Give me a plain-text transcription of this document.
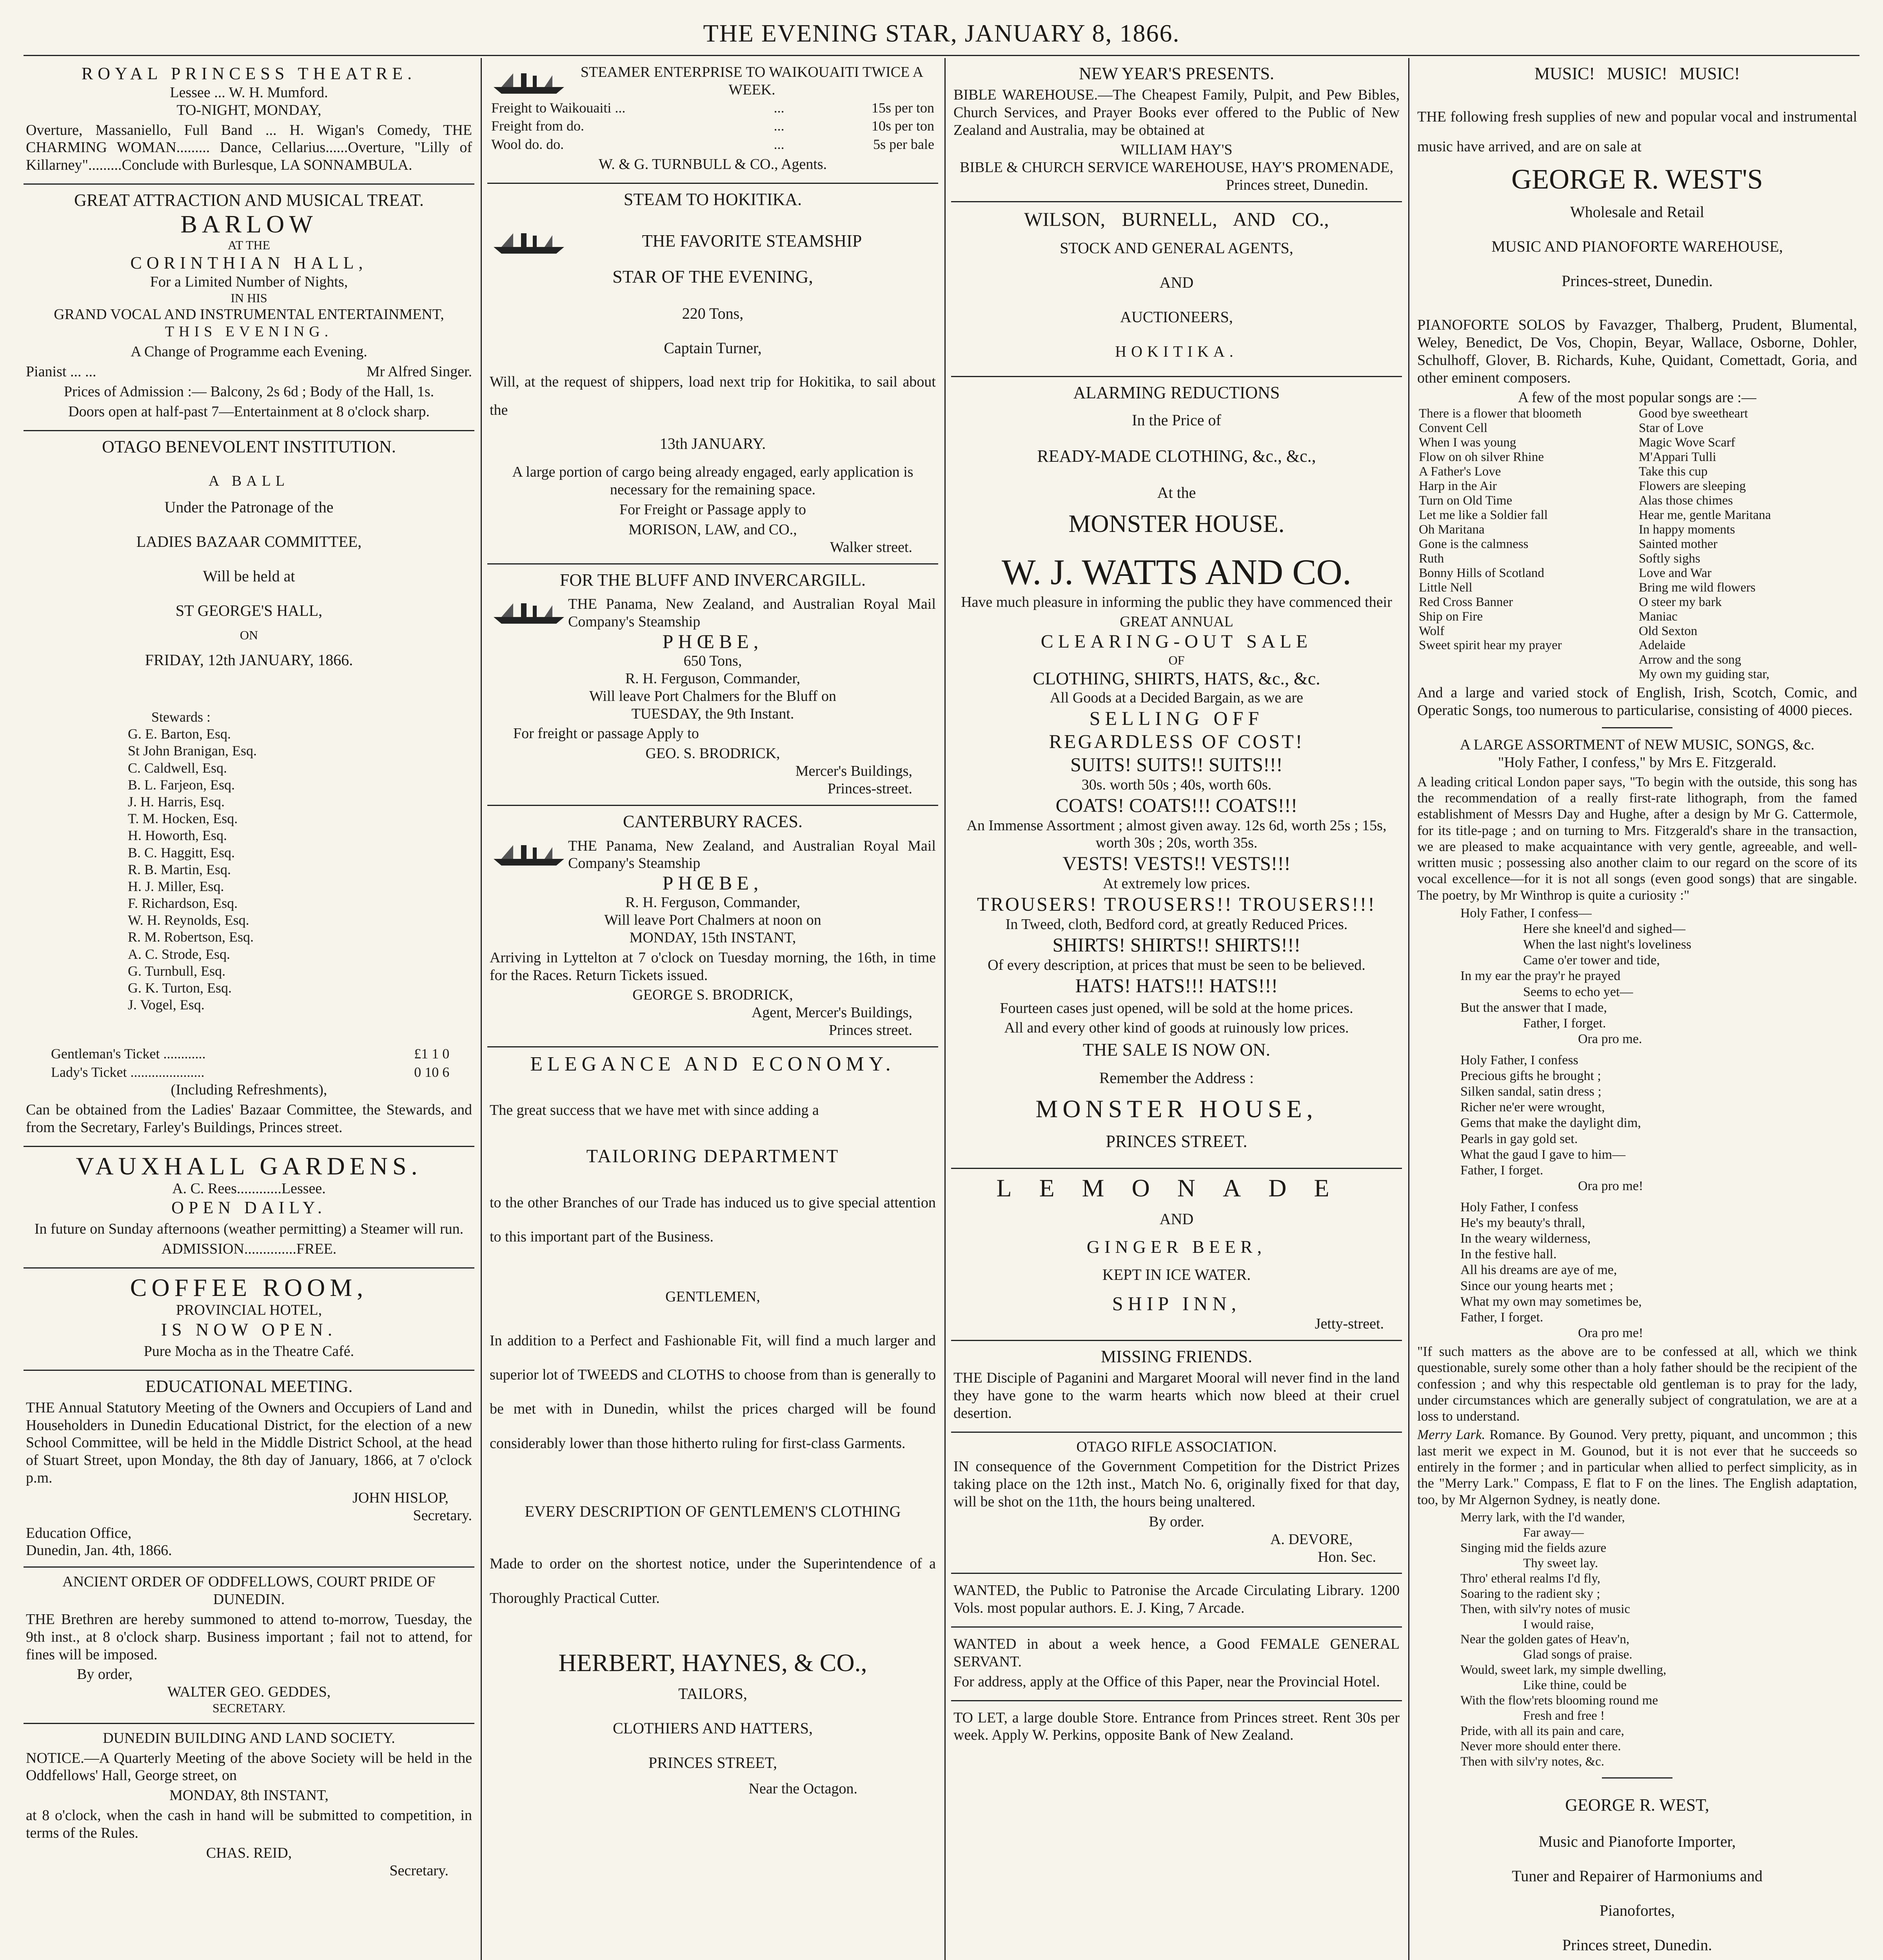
THE EVENING STAR, JANUARY 8, 1866.
ROYAL PRINCESS THEATRE.
Lessee ... W. H. Mumford.
TO-NIGHT, MONDAY,

Overture, Massaniello, Full Band ... H. Wigan's Comedy, THE CHARMING WOMAN......... Dance, Cellarius......Overture, "Lilly of Killarney".........Conclude with Burlesque, LA SONNAMBULA.

GREAT ATTRACTION AND MUSICAL TREAT.
BARLOW
AT THE
CORINTHIAN HALL,
For a Limited Number of Nights,
IN HIS
GRAND VOCAL AND INSTRUMENTAL ENTERTAINMENT,
THIS EVENING.

A Change of Programme each Evening.

Pianist ... ...	Mr Alfred Singer.

Prices of Admission :— Balcony, 2s 6d ; Body of the Hall, 1s.

Doors open at half-past 7—Entertainment at 8 o'clock sharp.

OTAGO BENEVOLENT INSTITUTION.
A BALL
Under the Patronage of the
LADIES BAZAAR COMMITTEE,
Will be held at
ST GEORGE'S HALL,
ON
FRIDAY, 12th JANUARY, 1866.
Stewards :
G. E. Barton, Esq.
St John Branigan, Esq.
C. Caldwell, Esq.
B. L. Farjeon, Esq.
J. H. Harris, Esq.
T. M. Hocken, Esq.
H. Howorth, Esq.
B. C. Haggitt, Esq.
R. B. Martin, Esq.
H. J. Miller, Esq.
F. Richardson, Esq.
W. H. Reynolds, Esq.
R. M. Robertson, Esq.
A. C. Strode, Esq.
G. Turnbull, Esq.
G. K. Turton, Esq.
J. Vogel, Esq.
Gentleman's Ticket ............	£1 1 0
Lady's Ticket .....................	0 10 6
(Including Refreshments),

Can be obtained from the Ladies' Bazaar Committee, the Stewards, and from the Secretary, Farley's Buildings, Princes street.

VAUXHALL GARDENS.
A. C. Rees............Lessee.
OPEN DAILY.

In future on Sunday afternoons (weather permitting) a Steamer will run.

ADMISSION..............FREE.

COFFEE ROOM,
PROVINCIAL HOTEL,
IS NOW OPEN.

Pure Mocha as in the Theatre Café.

EDUCATIONAL MEETING.

THE Annual Statutory Meeting of the Owners and Occupiers of Land and Householders in Dunedin Educational District, for the election of a new School Committee, will be held in the Middle District School, at the head of Stuart Street, upon Monday, the 8th day of January, 1866, at 7 o'clock p.m.

JOHN HISLOP,
Secretary.
Education Office,
Dunedin, Jan. 4th, 1866.
ANCIENT ORDER OF ODDFELLOWS, COURT PRIDE OF DUNEDIN.

THE Brethren are hereby summoned to attend to-morrow, Tuesday, the 9th inst., at 8 o'clock sharp. Business important ; fail not to attend, for fines will be imposed.

By order,
WALTER GEO. GEDDES,
SECRETARY.
DUNEDIN BUILDING AND LAND SOCIETY.

NOTICE.—A Quarterly Meeting of the above Society will be held in the Oddfellows' Hall, George street, on

MONDAY, 8th INSTANT,

at 8 o'clock, when the cash in hand will be submitted to competition, in terms of the Rules.

CHAS. REID,
Secretary.
STEAMER ENTERPRISE TO WAIKOUAITI TWICE A WEEK.
Freight to Waikouaiti ...	...	15s per ton
Freight from do.	...	10s per ton
Wool do. do.	...	5s per bale

W. & G. TURNBULL & CO., Agents.

STEAM TO HOKITIKA.
THE FAVORITE STEAMSHIP
STAR OF THE EVENING,
220 Tons,
Captain Turner,

Will, at the request of shippers, load next trip for Hokitika, to sail about the

13th JANUARY.

A large portion of cargo being already engaged, early application is necessary for the remaining space.

For Freight or Passage apply to

MORISON, LAW, and CO.,
Walker street.
FOR THE BLUFF AND INVERCARGILL.
THE Panama, New Zealand, and Australian Royal Mail Company's Steamship
PHŒBE,
650 Tons,
R. H. Ferguson, Commander,
Will leave Port Chalmers for the Bluff on
TUESDAY, the 9th Instant.

For freight or passage Apply to

GEO. S. BRODRICK,
Mercer's Buildings,
Princes-street.
CANTERBURY RACES.
THE Panama, New Zealand, and Australian Royal Mail Company's Steamship
PHŒBE,
R. H. Ferguson, Commander,
Will leave Port Chalmers at noon on
MONDAY, 15th INSTANT,

Arriving in Lyttelton at 7 o'clock on Tuesday morning, the 16th, in time for the Races. Return Tickets issued.

GEORGE S. BRODRICK,
Agent, Mercer's Buildings,
Princes street.
ELEGANCE AND ECONOMY.

The great success that we have met with since adding a

TAILORING DEPARTMENT

to the other Branches of our Trade has induced us to give special attention to this important part of the Business.

GENTLEMEN,

In addition to a Perfect and Fashionable Fit, will find a much larger and superior lot of TWEEDS and CLOTHS to choose from than is generally to be met with in Dunedin, whilst the prices charged will be found considerably lower than those hitherto ruling for first-class Garments.

EVERY DESCRIPTION OF GENTLEMEN'S CLOTHING

Made to order on the shortest notice, under the Superintendence of a Thoroughly Practical Cutter.

HERBERT, HAYNES, & CO.,
TAILORS,
CLOTHIERS AND HATTERS,
PRINCES STREET,
Near the Octagon.
NEW YEAR'S PRESENTS.

BIBLE WAREHOUSE.—The Cheapest Family, Pulpit, and Pew Bibles, Church Services, and Prayer Books ever offered to the Public of New Zealand and Australia, may be obtained at

WILLIAM HAY'S
BIBLE & CHURCH SERVICE WAREHOUSE, HAY'S PROMENADE,
Princes street, Dunedin.
WILSON, BURNELL, AND CO.,
STOCK AND GENERAL AGENTS,
AND
AUCTIONEERS,
HOKITIKA.
ALARMING REDUCTIONS
In the Price of
READY-MADE CLOTHING, &c., &c.,
At the
MONSTER HOUSE.
W. J. WATTS AND CO.

Have much pleasure in informing the public they have commenced their

GREAT ANNUAL
CLEARING-OUT SALE
OF
CLOTHING, SHIRTS, HATS, &c., &c.
All Goods at a Decided Bargain, as we are
SELLING OFF
REGARDLESS OF COST!
SUITS! SUITS!! SUITS!!!
30s. worth 50s ; 40s, worth 60s.
COATS! COATS!!! COATS!!!
An Immense Assortment ; almost given away. 12s 6d, worth 25s ; 15s, worth 30s ; 20s, worth 35s.
VESTS! VESTS!! VESTS!!!
At extremely low prices.
TROUSERS! TROUSERS!! TROUSERS!!!
In Tweed, cloth, Bedford cord, at greatly Reduced Prices.
SHIRTS! SHIRTS!! SHIRTS!!!
Of every description, at prices that must be seen to be believed.
HATS! HATS!!! HATS!!!

Fourteen cases just opened, will be sold at the home prices.

All and every other kind of goods at ruinously low prices.

THE SALE IS NOW ON.
Remember the Address :
MONSTER HOUSE,
PRINCES STREET.
LEMONADE
AND
GINGER BEER,
KEPT IN ICE WATER.
SHIP INN,
Jetty-street.
MISSING FRIENDS.

THE Disciple of Paganini and Margaret Mooral will never find in the land they have gone to the warm hearts which now bleed at their cruel desertion.

OTAGO RIFLE ASSOCIATION.

IN consequence of the Government Competition for the District Prizes taking place on the 12th inst., Match No. 6, originally fixed for that day, will be shot on the 11th, the hours being unaltered.

By order.
A. DEVORE,
Hon. Sec.

WANTED, the Public to Patronise the Arcade Circulating Library. 1200 Vols. most popular authors. E. J. King, 7 Arcade.

WANTED in about a week hence, a Good FEMALE GENERAL SERVANT.

For address, apply at the Office of this Paper, near the Provincial Hotel.

TO LET, a large double Store. Entrance from Princes street. Rent 30s per week. Apply W. Perkins, opposite Bank of New Zealand.

MUSIC! MUSIC! MUSIC!

THE following fresh supplies of new and popular vocal and instrumental music have arrived, and are on sale at

GEORGE R. WEST'S
Wholesale and Retail
MUSIC AND PIANOFORTE WAREHOUSE,
Princes-street, Dunedin.

PIANOFORTE SOLOS by Favazger, Thalberg, Prudent, Blumental, Weley, Benedict, De Vos, Chopin, Beyar, Wallace, Osborne, Dohler, Schulhoff, Glover, B. Richards, Kuhe, Quidant, Comettadt, Goria, and other eminent composers.

A few of the most popular songs are :—
There is a flower that bloometh	Good bye sweetheart
Convent Cell	Star of Love
When I was young	Magic Wove Scarf
Flow on oh silver Rhine	M'Appari Tulli
A Father's Love	Take this cup
Harp in the Air	Flowers are sleeping
Turn on Old Time	Alas those chimes
Let me like a Soldier fall	Hear me, gentle Maritana
Oh Maritana	In happy moments
Gone is the calmness	Sainted mother
Ruth	Softly sighs
Bonny Hills of Scotland	Love and War
Little Nell	Bring me wild flowers
Red Cross Banner	O steer my bark
Ship on Fire	Maniac
Wolf	Old Sexton
Sweet spirit hear my prayer	Adelaide
	Arrow and the song
	My own my guiding star,

And a large and varied stock of English, Irish, Scotch, Comic, and Operatic Songs, too numerous to particularise, consisting of 4000 pieces.

A LARGE ASSORTMENT of NEW MUSIC, SONGS, &c.
"Holy Father, I confess," by Mrs E. Fitzgerald.

A leading critical London paper says, "To begin with the outside, this song has the recommendation of a really first-rate lithograph, from the famed establishment of Messrs Day and Hughe, after a design by Mr G. Cattermole, for its title-page ; and on turning to Mrs. Fitzgerald's share in the transaction, we are pleased to make acquaintance with very gentle, agreeable, and well-written music ; possessing also another claim to our regard on the score of its vocal excellence—for it is not all songs (even good songs) that are singable. The poetry, by Mr Winthrop is quite a curiosity :"

Holy Father, I confess—
Here she kneel'd and sighed—
When the last night's loveliness
Came o'er tower and tide,
In my ear the pray'r he prayed
Seems to echo yet—
But the answer that I made,
Father, I forget.
Ora pro me.
Holy Father, I confess
Precious gifts he brought ;
Silken sandal, satin dress ;
Richer ne'er were wrought,
Gems that make the daylight dim,
Pearls in gay gold set.
What the gaud I gave to him—
Father, I forget.
Ora pro me!
Holy Father, I confess
He's my beauty's thrall,
In the weary wilderness,
In the festive hall.
All his dreams are aye of me,
Since our young hearts met ;
What my own may sometimes be,
Father, I forget.
Ora pro me!

"If such matters as the above are to be confessed at all, which we think questionable, surely some other than a holy father should be the recipient of the confession ; and why this respectable old gentleman is to pray for the lady, under circumstances which are generally subject of congratulation, we are at a loss to understand.

Merry Lark. Romance. By Gounod. Very pretty, piquant, and uncommon ; this last merit we expect in M. Gounod, but it is not ever that he succeeds so entirely in the former ; and in particular when allied to perfect simplicity, as in the "Merry Lark." Compass, E flat to F on the lines. The English adaptation, too, by Mr Algernon Sydney, is neatly done.

Merry lark, with the I'd wander,
Far away—
Singing mid the fields azure
Thy sweet lay.
Thro' etheral realms I'd fly,
Soaring to the radient sky ;
Then, with silv'ry notes of music
I would raise,
Near the golden gates of Heav'n,
Glad songs of praise.
Would, sweet lark, my simple dwelling,
Like thine, could be
With the flow'rets blooming round me
Fresh and free !
Pride, with all its pain and care,
Never more should enter there.
Then with silv'ry notes, &c.
GEORGE R. WEST,
Music and Pianoforte Importer,
Tuner and Repairer of Harmoniums and
Pianofortes,
Princes street, Dunedin.
